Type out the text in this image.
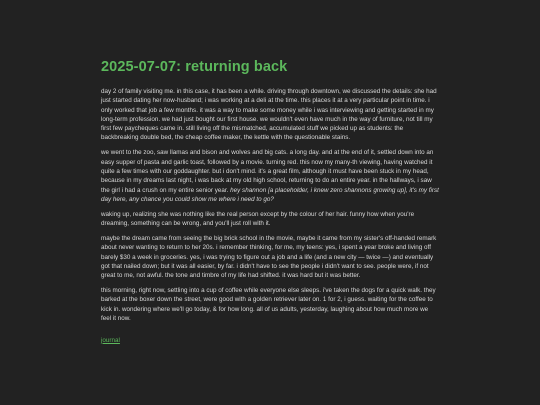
2025-07-07: returning back

day 2 of family visiting me. in this case, it has been a while. driving through downtown, we discussed the details: she had just started dating her now-husband; i was working at a deli at the time. this places it at a very particular point in time. i only worked that job a few months. it was a way to make some money while i was interviewing and getting started in my long-term profession. we had just bought our first house. we wouldn't even have much in the way of furniture, not till my first few paycheques came in. still living off the mismatched, accumulated stuff we picked up as students: the backbreaking double bed, the cheap coffee maker, the kettle with the questionable stains.

we went to the zoo, saw llamas and bison and wolves and big cats. a long day. and at the end of it, settled down into an easy supper of pasta and garlic toast, followed by a movie. turning red. this now my many-th viewing, having watched it quite a few times with our goddaughter. but i don't mind. it's a great film, although it must have been stuck in my head, because in my dreams last night, i was back at my old high school, returning to do an entire year. in the hallways, i saw the girl i had a crush on my entire senior year. hey shannon [a placeholder, i knew zero shannons growing up], it's my first day here, any chance you could show me where i need to go?

waking up, realizing she was nothing like the real person except by the colour of her hair. funny how when you're dreaming, something can be wrong, and you'll just roll with it.

maybe the dream came from seeing the big brick school in the movie, maybe it came from my sister's off-handed remark about never wanting to return to her 20s. i remember thinking, for me, my teens: yes, i spent a year broke and living off barely $30 a week in groceries. yes, i was trying to figure out a job and a life (and a new city — twice —) and eventually got that nailed down; but it was all easier, by far. i didn't have to see the people i didn't want to see. people were, if not great to me, not awful. the tone and timbre of my life had shifted. it was hard but it was better.

this morning, right now, settling into a cup of coffee while everyone else sleeps. i've taken the dogs for a quick walk. they barked at the boxer down the street, were good with a golden retriever later on. 1 for 2, i guess. waiting for the coffee to kick in. wondering where we'll go today, & for how long. all of us adults, yesterday, laughing about how much more we feel it now.

journal
